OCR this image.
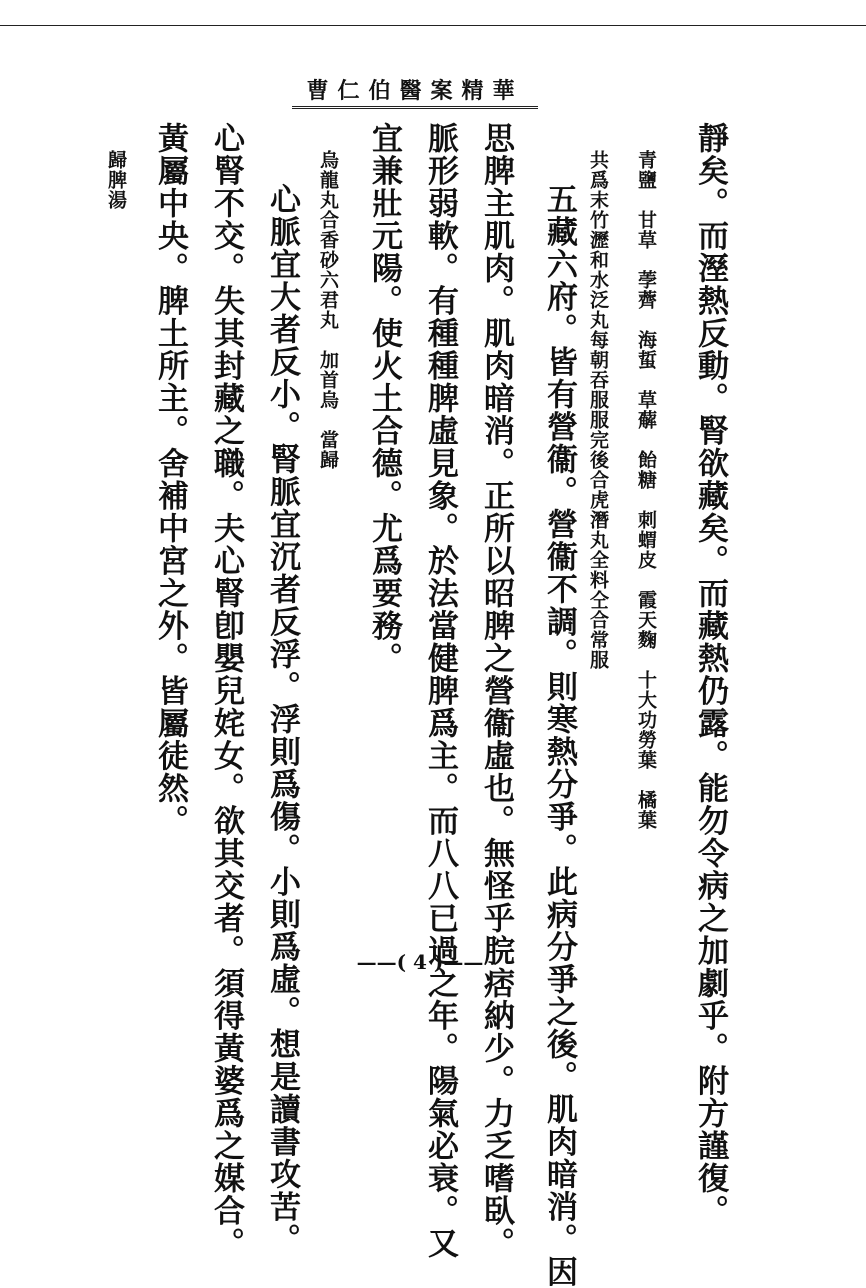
曹仁伯醫案精華
靜矣。而溼熱反動。腎欲藏矣。而藏熱仍露。能勿令病之加劇乎。附方謹復。
青鹽　甘草　荸薺　海蜇　草薢　飴糖　刺蝟皮　霞天麴　十大功勞葉　橘葉
共爲末竹瀝和水泛丸每朝吞服服完後合虎潛丸全料仝合常服
五藏六府。皆有營衞。營衞不調。則寒熱分爭。此病分爭之後。肌肉暗消。因
思脾主肌肉。肌肉暗消。正所以昭脾之營衞虛也。無怪乎脘痞納少。力乏嗜臥。
脈形弱軟。有種種脾虛見象。於法當健脾爲主。而八八已過之年。陽氣必衰。又
宜兼壯元陽。使火土合德。尤爲要務。
烏龍丸合香砂六君丸　加首烏　當歸
心脈宜大者反小。腎脈宜沉者反浮。浮則爲傷。小則爲虛。想是讀書攻苦。
心腎不交。失其封藏之職。夫心腎卽嬰兒姹女。欲其交者。須得黃婆爲之媒合。
黃屬中央。脾土所主。舍補中宮之外。皆屬徒然。
歸脾湯
——( 4 )——
